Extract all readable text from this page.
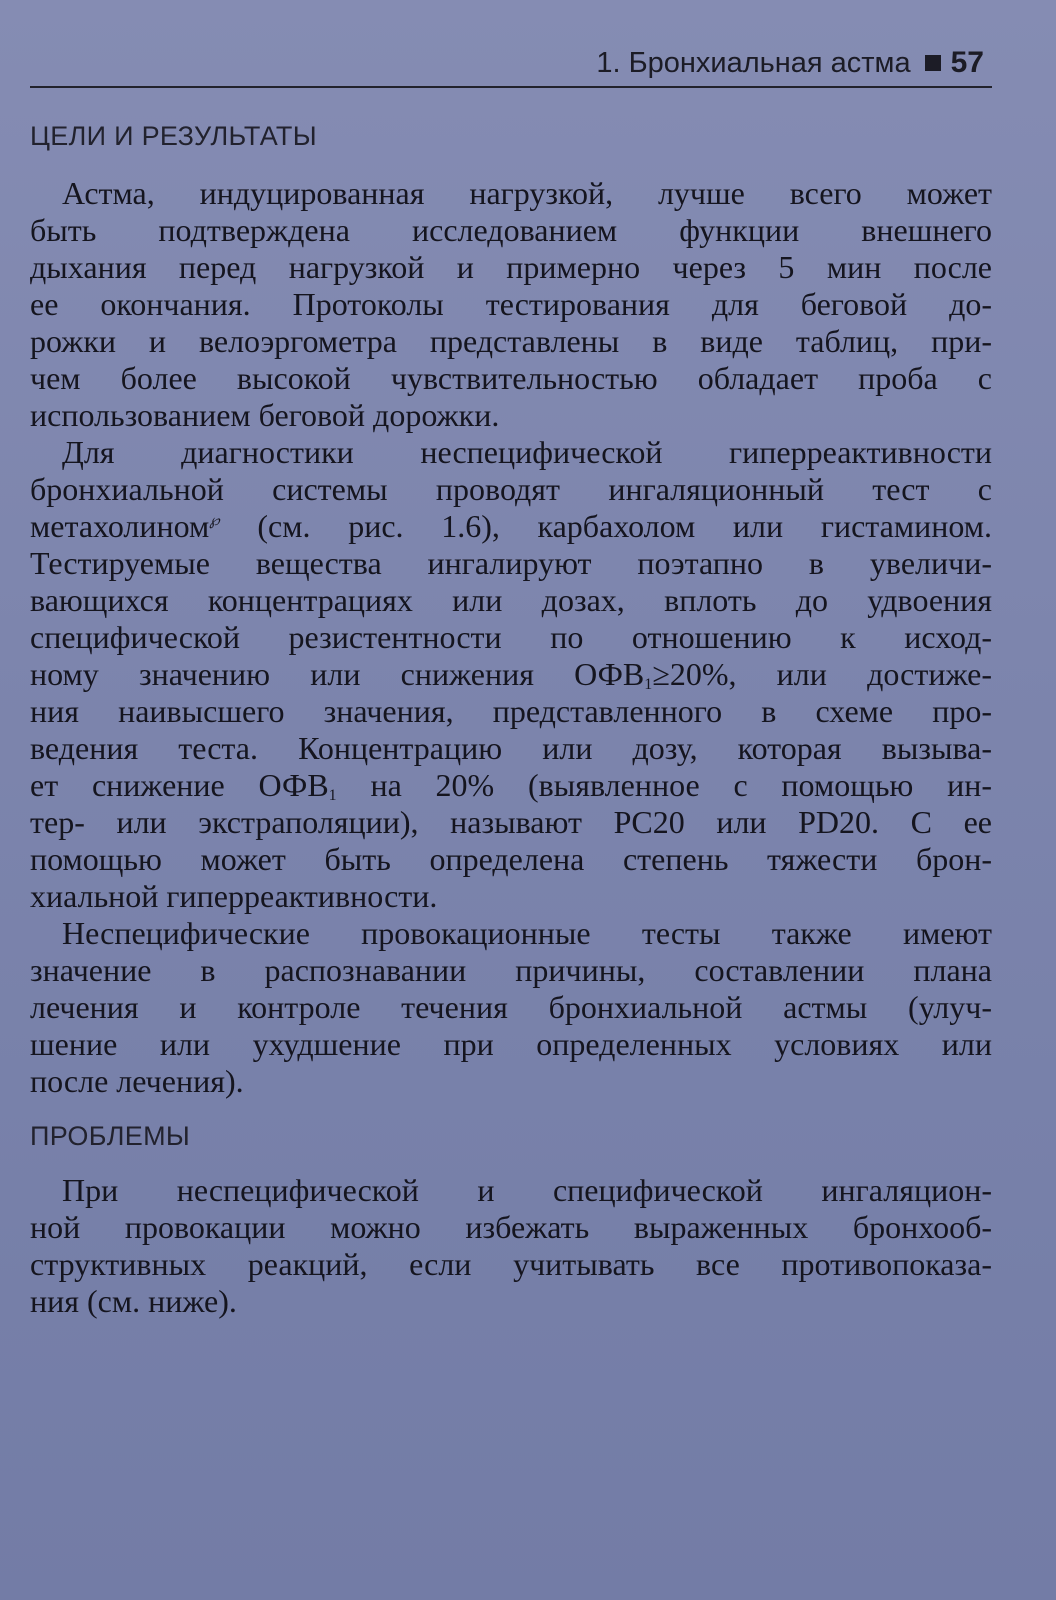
1. Бронхиальная астма 57
ЦЕЛИ И РЕЗУЛЬТАТЫ
Астма, индуцированная нагрузкой, лучше всего может
быть подтверждена исследованием функции внешнего
дыхания перед нагрузкой и примерно через 5 мин после
ее окончания. Протоколы тестирования для беговой до-
рожки и велоэргометра представлены в виде таблиц, при-
чем более высокой чувствительностью обладает проба с
использованием беговой дорожки.
Для диагностики неспецифической гиперреактивности
бронхиальной системы проводят ингаляционный тест с
метахолином℘ (см. рис. 1.6), карбахолом или гистамином.
Тестируемые вещества ингалируют поэтапно в увеличи-
вающихся концентрациях или дозах, вплоть до удвоения
специфической резистентности по отношению к исход-
ному значению или снижения $ОФВ_1\ge 20\%$, или достиже-
ния наивысшего значения, представленного в схеме про-
ведения теста. Концентрацию или дозу, которая вызыва-
ет снижение $ОФВ_1$ на 20% (выявленное с помощью ин-
тер- или экстраполяции), называют PC20 или PD20. С ее
помощью может быть определена степень тяжести брон-
хиальной гиперреактивности.
Неспецифические провокационные тесты также имеют
значение в распознавании причины, составлении плана
лечения и контроле течения бронхиальной астмы (улуч-
шение или ухудшение при определенных условиях или
после лечения).
ПРОБЛЕМЫ
При неспецифической и специфической ингаляцион-
ной провокации можно избежать выраженных бронхооб-
структивных реакций, если учитывать все противопоказа-
ния (см. ниже).
